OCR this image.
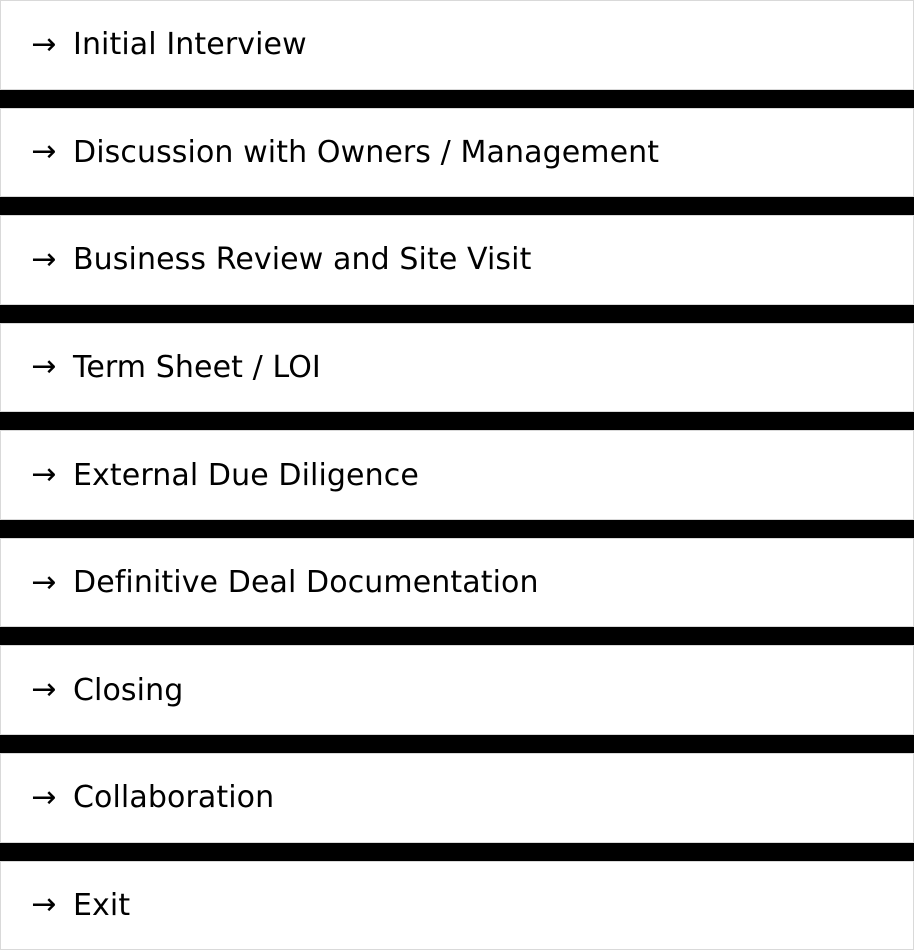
→ Initial Interview
→ Discussion with Owners / Management
→ Business Review and Site Visit
→ Term Sheet / LOI
→ External Due Diligence
→ Definitive Deal Documentation
→ Closing
→ Collaboration
→ Exit
